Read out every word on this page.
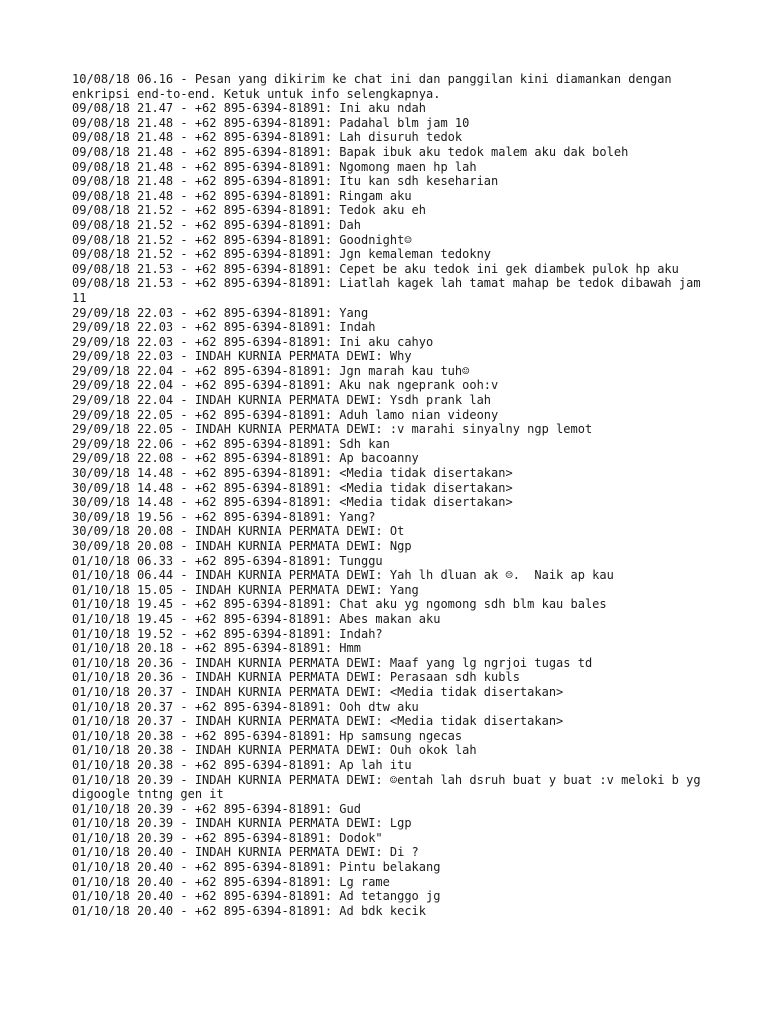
10/08/18 06.16 - Pesan yang dikirim ke chat ini dan panggilan kini diamankan dengan enkripsi end-to-end. Ketuk untuk info selengkapnya.

09/08/18 21.47 - +62 895-6394-81891: Ini aku ndah

09/08/18 21.48 - +62 895-6394-81891: Padahal blm jam 10

09/08/18 21.48 - +62 895-6394-81891: Lah disuruh tedok

09/08/18 21.48 - +62 895-6394-81891: Bapak ibuk aku tedok malem aku dak boleh

09/08/18 21.48 - +62 895-6394-81891: Ngomong maen hp lah

09/08/18 21.48 - +62 895-6394-81891: Itu kan sdh keseharian

09/08/18 21.48 - +62 895-6394-81891: Ringam aku

09/08/18 21.52 - +62 895-6394-81891: Tedok aku eh

09/08/18 21.52 - +62 895-6394-81891: Dah

09/08/18 21.52 - +62 895-6394-81891: Goodnight☺

09/08/18 21.52 - +62 895-6394-81891: Jgn kemaleman tedokny

09/08/18 21.53 - +62 895-6394-81891: Cepet be aku tedok ini gek diambek pulok hp aku

09/08/18 21.53 - +62 895-6394-81891: Liatlah kagek lah tamat mahap be tedok dibawah jam 11

29/09/18 22.03 - +62 895-6394-81891: Yang

29/09/18 22.03 - +62 895-6394-81891: Indah

29/09/18 22.03 - +62 895-6394-81891: Ini aku cahyo

29/09/18 22.03 - INDAH KURNIA PERMATA DEWI: Why

29/09/18 22.04 - +62 895-6394-81891: Jgn marah kau tuh☺

29/09/18 22.04 - +62 895-6394-81891: Aku nak ngeprank ooh:v

29/09/18 22.04 - INDAH KURNIA PERMATA DEWI: Ysdh prank lah

29/09/18 22.05 - +62 895-6394-81891: Aduh lamo nian videony

29/09/18 22.05 - INDAH KURNIA PERMATA DEWI: :v marahi sinyalny ngp lemot

29/09/18 22.06 - +62 895-6394-81891: Sdh kan

29/09/18 22.08 - +62 895-6394-81891: Ap bacoanny

30/09/18 14.48 - +62 895-6394-81891: <Media tidak disertakan>

30/09/18 14.48 - +62 895-6394-81891: <Media tidak disertakan>

30/09/18 14.48 - +62 895-6394-81891: <Media tidak disertakan>

30/09/18 19.56 - +62 895-6394-81891: Yang?

30/09/18 20.08 - INDAH KURNIA PERMATA DEWI: Ot

30/09/18 20.08 - INDAH KURNIA PERMATA DEWI: Ngp

01/10/18 06.33 - +62 895-6394-81891: Tunggu

01/10/18 06.44 - INDAH KURNIA PERMATA DEWI: Yah lh dluan ak ☹.  Naik ap kau

01/10/18 15.05 - INDAH KURNIA PERMATA DEWI: Yang

01/10/18 19.45 - +62 895-6394-81891: Chat aku yg ngomong sdh blm kau bales

01/10/18 19.45 - +62 895-6394-81891: Abes makan aku

01/10/18 19.52 - +62 895-6394-81891: Indah?

01/10/18 20.18 - +62 895-6394-81891: Hmm

01/10/18 20.36 - INDAH KURNIA PERMATA DEWI: Maaf yang lg ngrjoi tugas td

01/10/18 20.36 - INDAH KURNIA PERMATA DEWI: Perasaan sdh kubls

01/10/18 20.37 - INDAH KURNIA PERMATA DEWI: <Media tidak disertakan>

01/10/18 20.37 - +62 895-6394-81891: Ooh dtw aku

01/10/18 20.37 - INDAH KURNIA PERMATA DEWI: <Media tidak disertakan>

01/10/18 20.38 - +62 895-6394-81891: Hp samsung ngecas

01/10/18 20.38 - INDAH KURNIA PERMATA DEWI: Ouh okok lah

01/10/18 20.38 - +62 895-6394-81891: Ap lah itu

01/10/18 20.39 - INDAH KURNIA PERMATA DEWI: ☺entah lah dsruh buat y buat :v meloki b yg digoogle tntng gen it

01/10/18 20.39 - +62 895-6394-81891: Gud

01/10/18 20.39 - INDAH KURNIA PERMATA DEWI: Lgp

01/10/18 20.39 - +62 895-6394-81891: Dodok"

01/10/18 20.40 - INDAH KURNIA PERMATA DEWI: Di ?

01/10/18 20.40 - +62 895-6394-81891: Pintu belakang

01/10/18 20.40 - +62 895-6394-81891: Lg rame

01/10/18 20.40 - +62 895-6394-81891: Ad tetanggo jg

01/10/18 20.40 - +62 895-6394-81891: Ad bdk kecik
